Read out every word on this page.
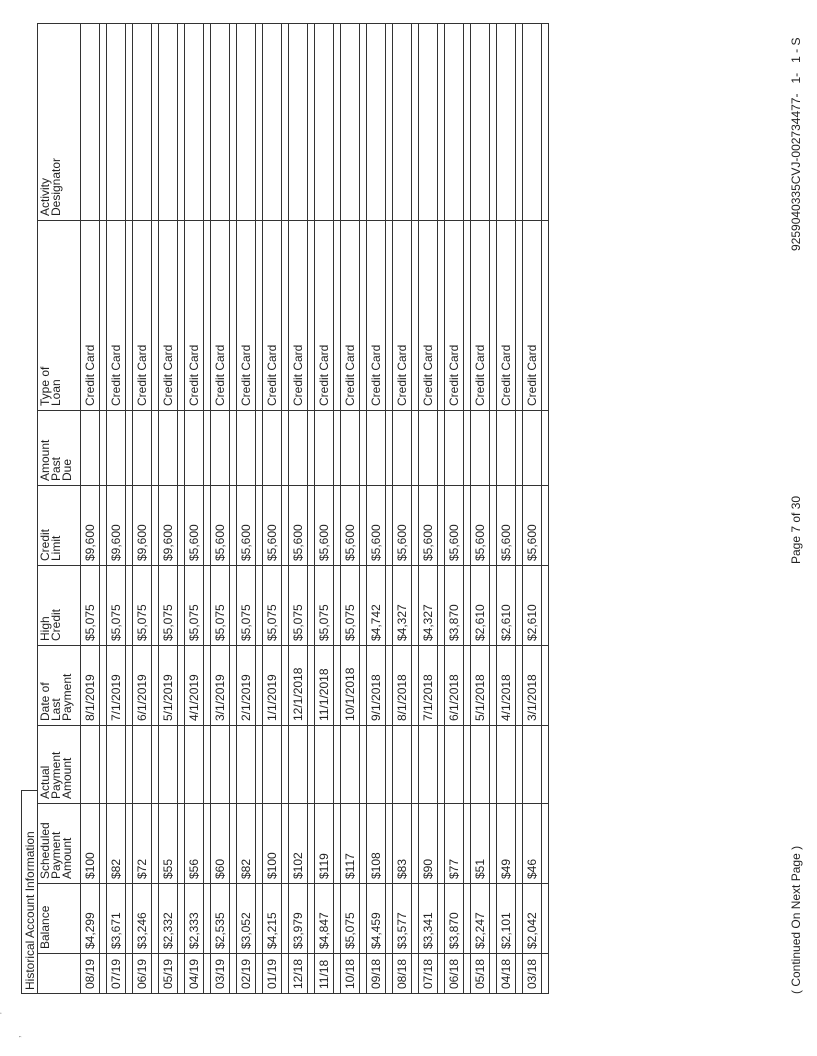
Historical Account Information
	Balance	Scheduled
Payment
Amount	Actual
Payment
Amount	Date of
Last
Payment	High
Credit	Credit
Limit	Amount
Past
Due	Type of
Loan	Activity
Designator
08/19	$4,299	$100		8/1/2019	$5,075	$9,600		Credit Card	

07/19	$3,671	$82		7/1/2019	$5,075	$9,600		Credit Card	

06/19	$3,246	$72		6/1/2019	$5,075	$9,600		Credit Card	

05/19	$2,332	$55		5/1/2019	$5,075	$9,600		Credit Card	

04/19	$2,333	$56		4/1/2019	$5,075	$5,600		Credit Card	

03/19	$2,535	$60		3/1/2019	$5,075	$5,600		Credit Card	

02/19	$3,052	$82		2/1/2019	$5,075	$5,600		Credit Card	

01/19	$4,215	$100		1/1/2019	$5,075	$5,600		Credit Card	

12/18	$3,979	$102		12/1/2018	$5,075	$5,600		Credit Card	

11/18	$4,847	$119		11/1/2018	$5,075	$5,600		Credit Card	

10/18	$5,075	$117		10/1/2018	$5,075	$5,600		Credit Card	

09/18	$4,459	$108		9/1/2018	$4,742	$5,600		Credit Card	

08/18	$3,577	$83		8/1/2018	$4,327	$5,600		Credit Card	

07/18	$3,341	$90		7/1/2018	$4,327	$5,600		Credit Card	

06/18	$3,870	$77		6/1/2018	$3,870	$5,600		Credit Card	

05/18	$2,247	$51		5/1/2018	$2,610	$5,600		Credit Card	

04/18	$2,101	$49		4/1/2018	$2,610	$5,600		Credit Card	

03/18	$2,042	$46		3/1/2018	$2,610	$5,600		Credit Card	

( Continued On Next Page )
Page 7 of 30
9259040335CVJ-002734477-   1-   1 - S
,
